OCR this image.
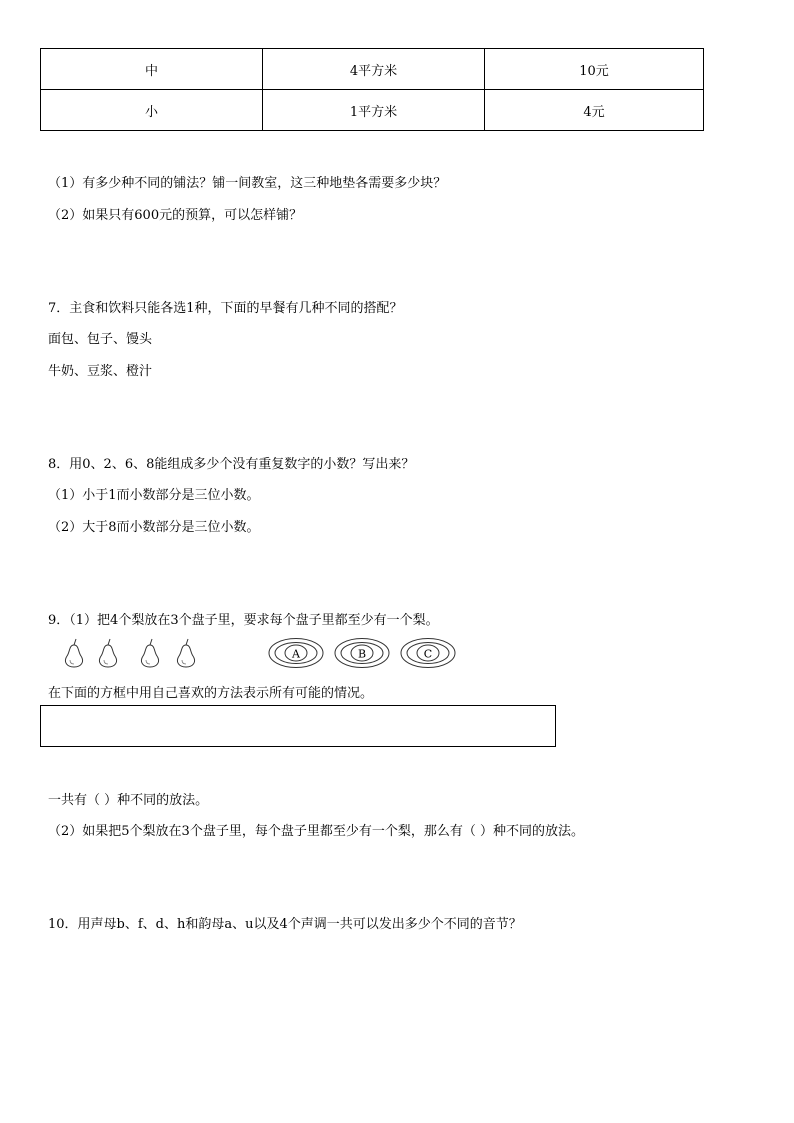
中	4平方米	10元
小	1平方米	4元
（1）有多少种不同的铺法？铺一间教室，这三种地垫各需要多少块？
（2）如果只有600元的预算，可以怎样铺？
7．主食和饮料只能各选1种，下面的早餐有几种不同的搭配？
面包、包子、馒头
牛奶、豆浆、橙汁
8．用0、2、6、8能组成多少个没有重复数字的小数？写出来？
（1）小于1而小数部分是三位小数。
（2）大于8而小数部分是三位小数。
9．（1）把4个梨放在3个盘子里，要求每个盘子里都至少有一个梨。
A	B	C
在下面的方框中用自己喜欢的方法表示所有可能的情况。
一共有（ ）种不同的放法。
（2）如果把5个梨放在3个盘子里，每个盘子里都至少有一个梨，那么有（ ）种不同的放法。
10．用声母b、f、d、h和韵母a、u以及4个声调一共可以发出多少个不同的音节？
